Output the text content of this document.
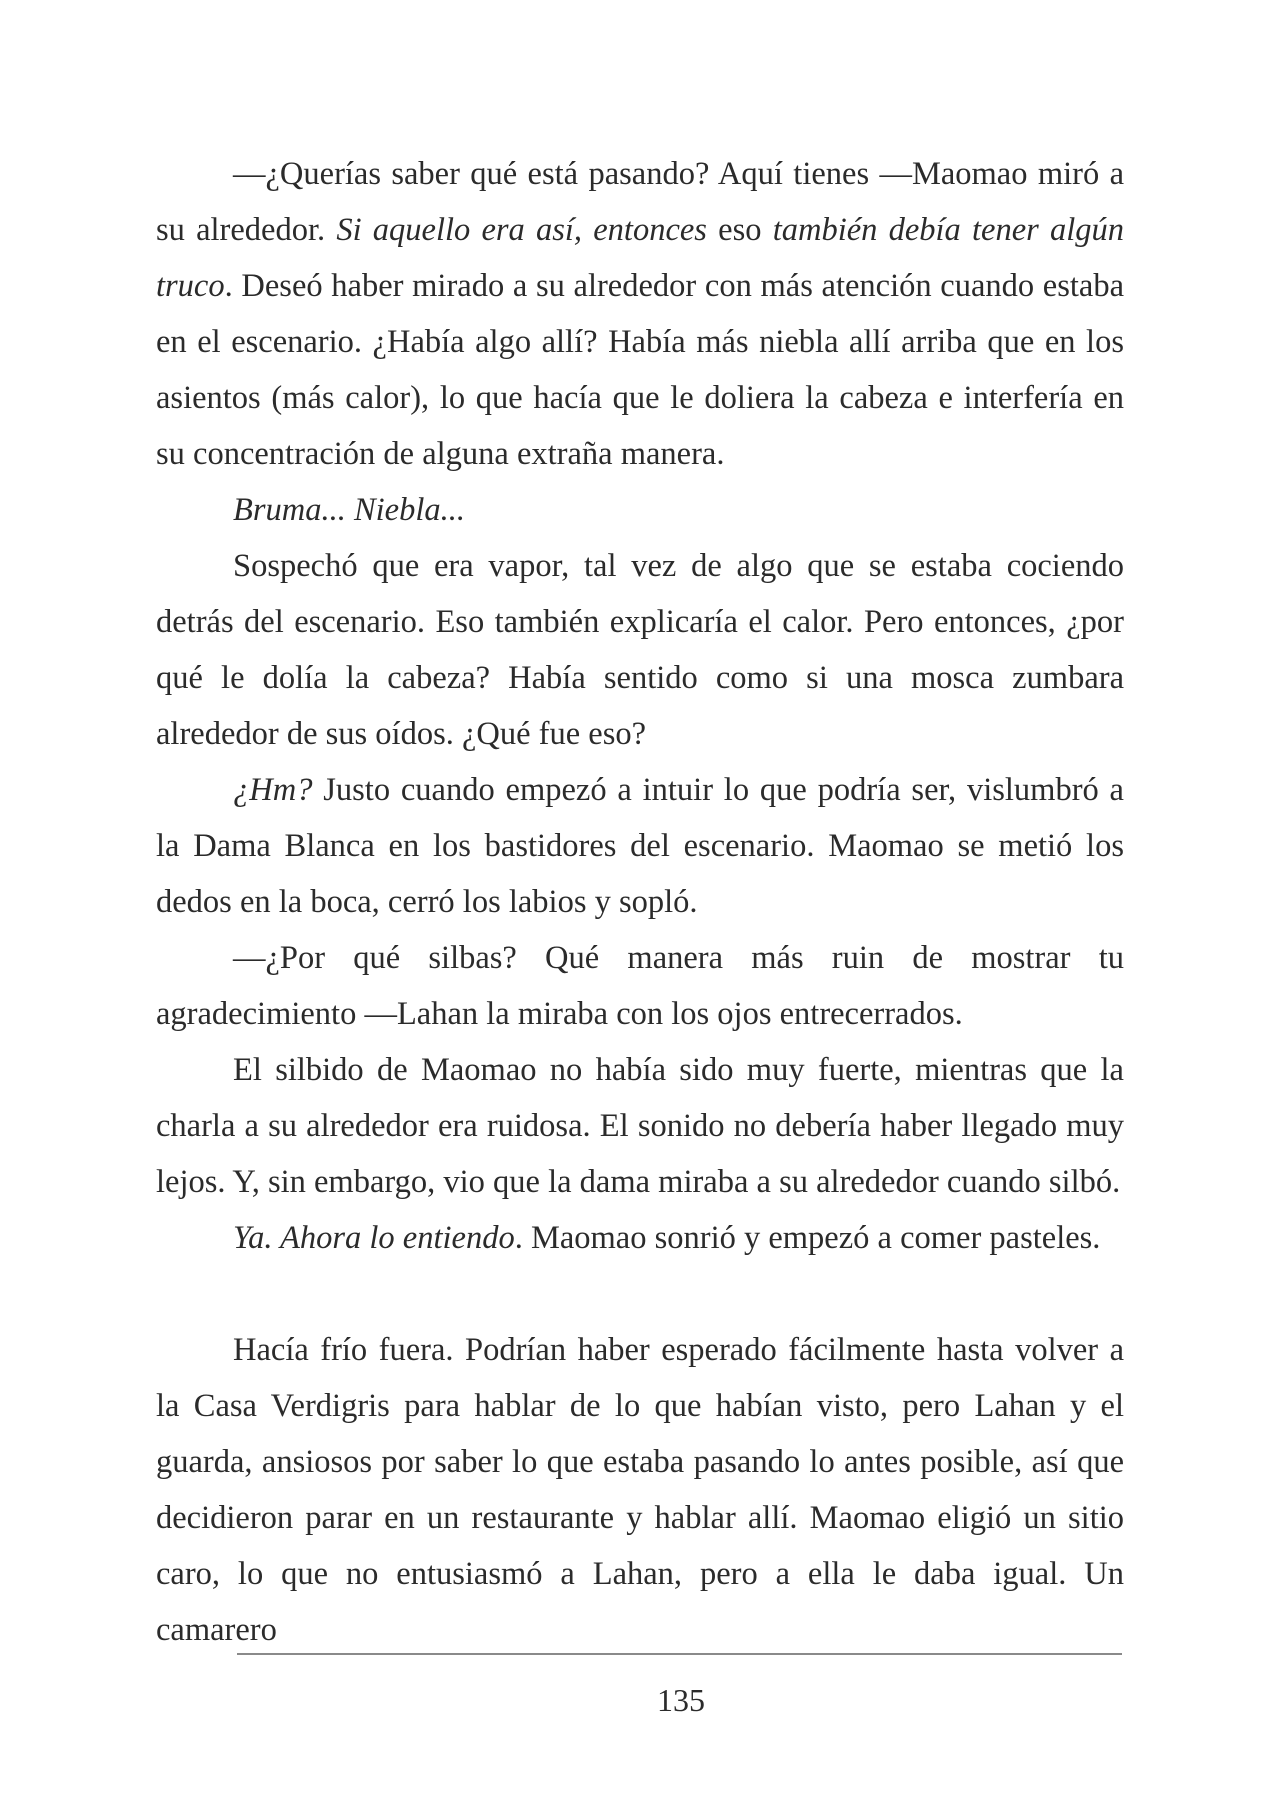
—¿Querías saber qué está pasando? Aquí tienes —Maomao miró a su alrededor. Si aquello era así, entonces eso también debía tener algún truco. Deseó haber mirado a su alrededor con más atención cuando estaba en el escenario. ¿Había algo allí? Había más niebla allí arriba que en los asientos (más calor), lo que hacía que le doliera la cabeza e interfería en su concentración de alguna extraña manera.

Bruma... Niebla...

Sospechó que era vapor, tal vez de algo que se estaba cociendo detrás del escenario. Eso también explicaría el calor. Pero entonces, ¿por qué le dolía la cabeza? Había sentido como si una mosca zumbara alrededor de sus oídos. ¿Qué fue eso?

¿Hm? Justo cuando empezó a intuir lo que podría ser, vislumbró a la Dama Blanca en los bastidores del escenario. Maomao se metió los dedos en la boca, cerró los labios y sopló.

—¿Por qué silbas? Qué manera más ruin de mostrar tu agradecimiento —Lahan la miraba con los ojos entrecerrados.

El silbido de Maomao no había sido muy fuerte, mientras que la charla a su alrededor era ruidosa. El sonido no debería haber llegado muy lejos. Y, sin embargo, vio que la dama miraba a su alrededor cuando silbó.

Ya. Ahora lo entiendo. Maomao sonrió y empezó a comer pasteles.

Hacía frío fuera. Podrían haber esperado fácilmente hasta volver a la Casa Verdigris para hablar de lo que habían visto, pero Lahan y el guarda, ansiosos por saber lo que estaba pasando lo antes posible, así que decidieron parar en un restaurante y hablar allí. Maomao eligió un sitio caro, lo que no entusiasmó a Lahan, pero a ella le daba igual. Un camarero

135
